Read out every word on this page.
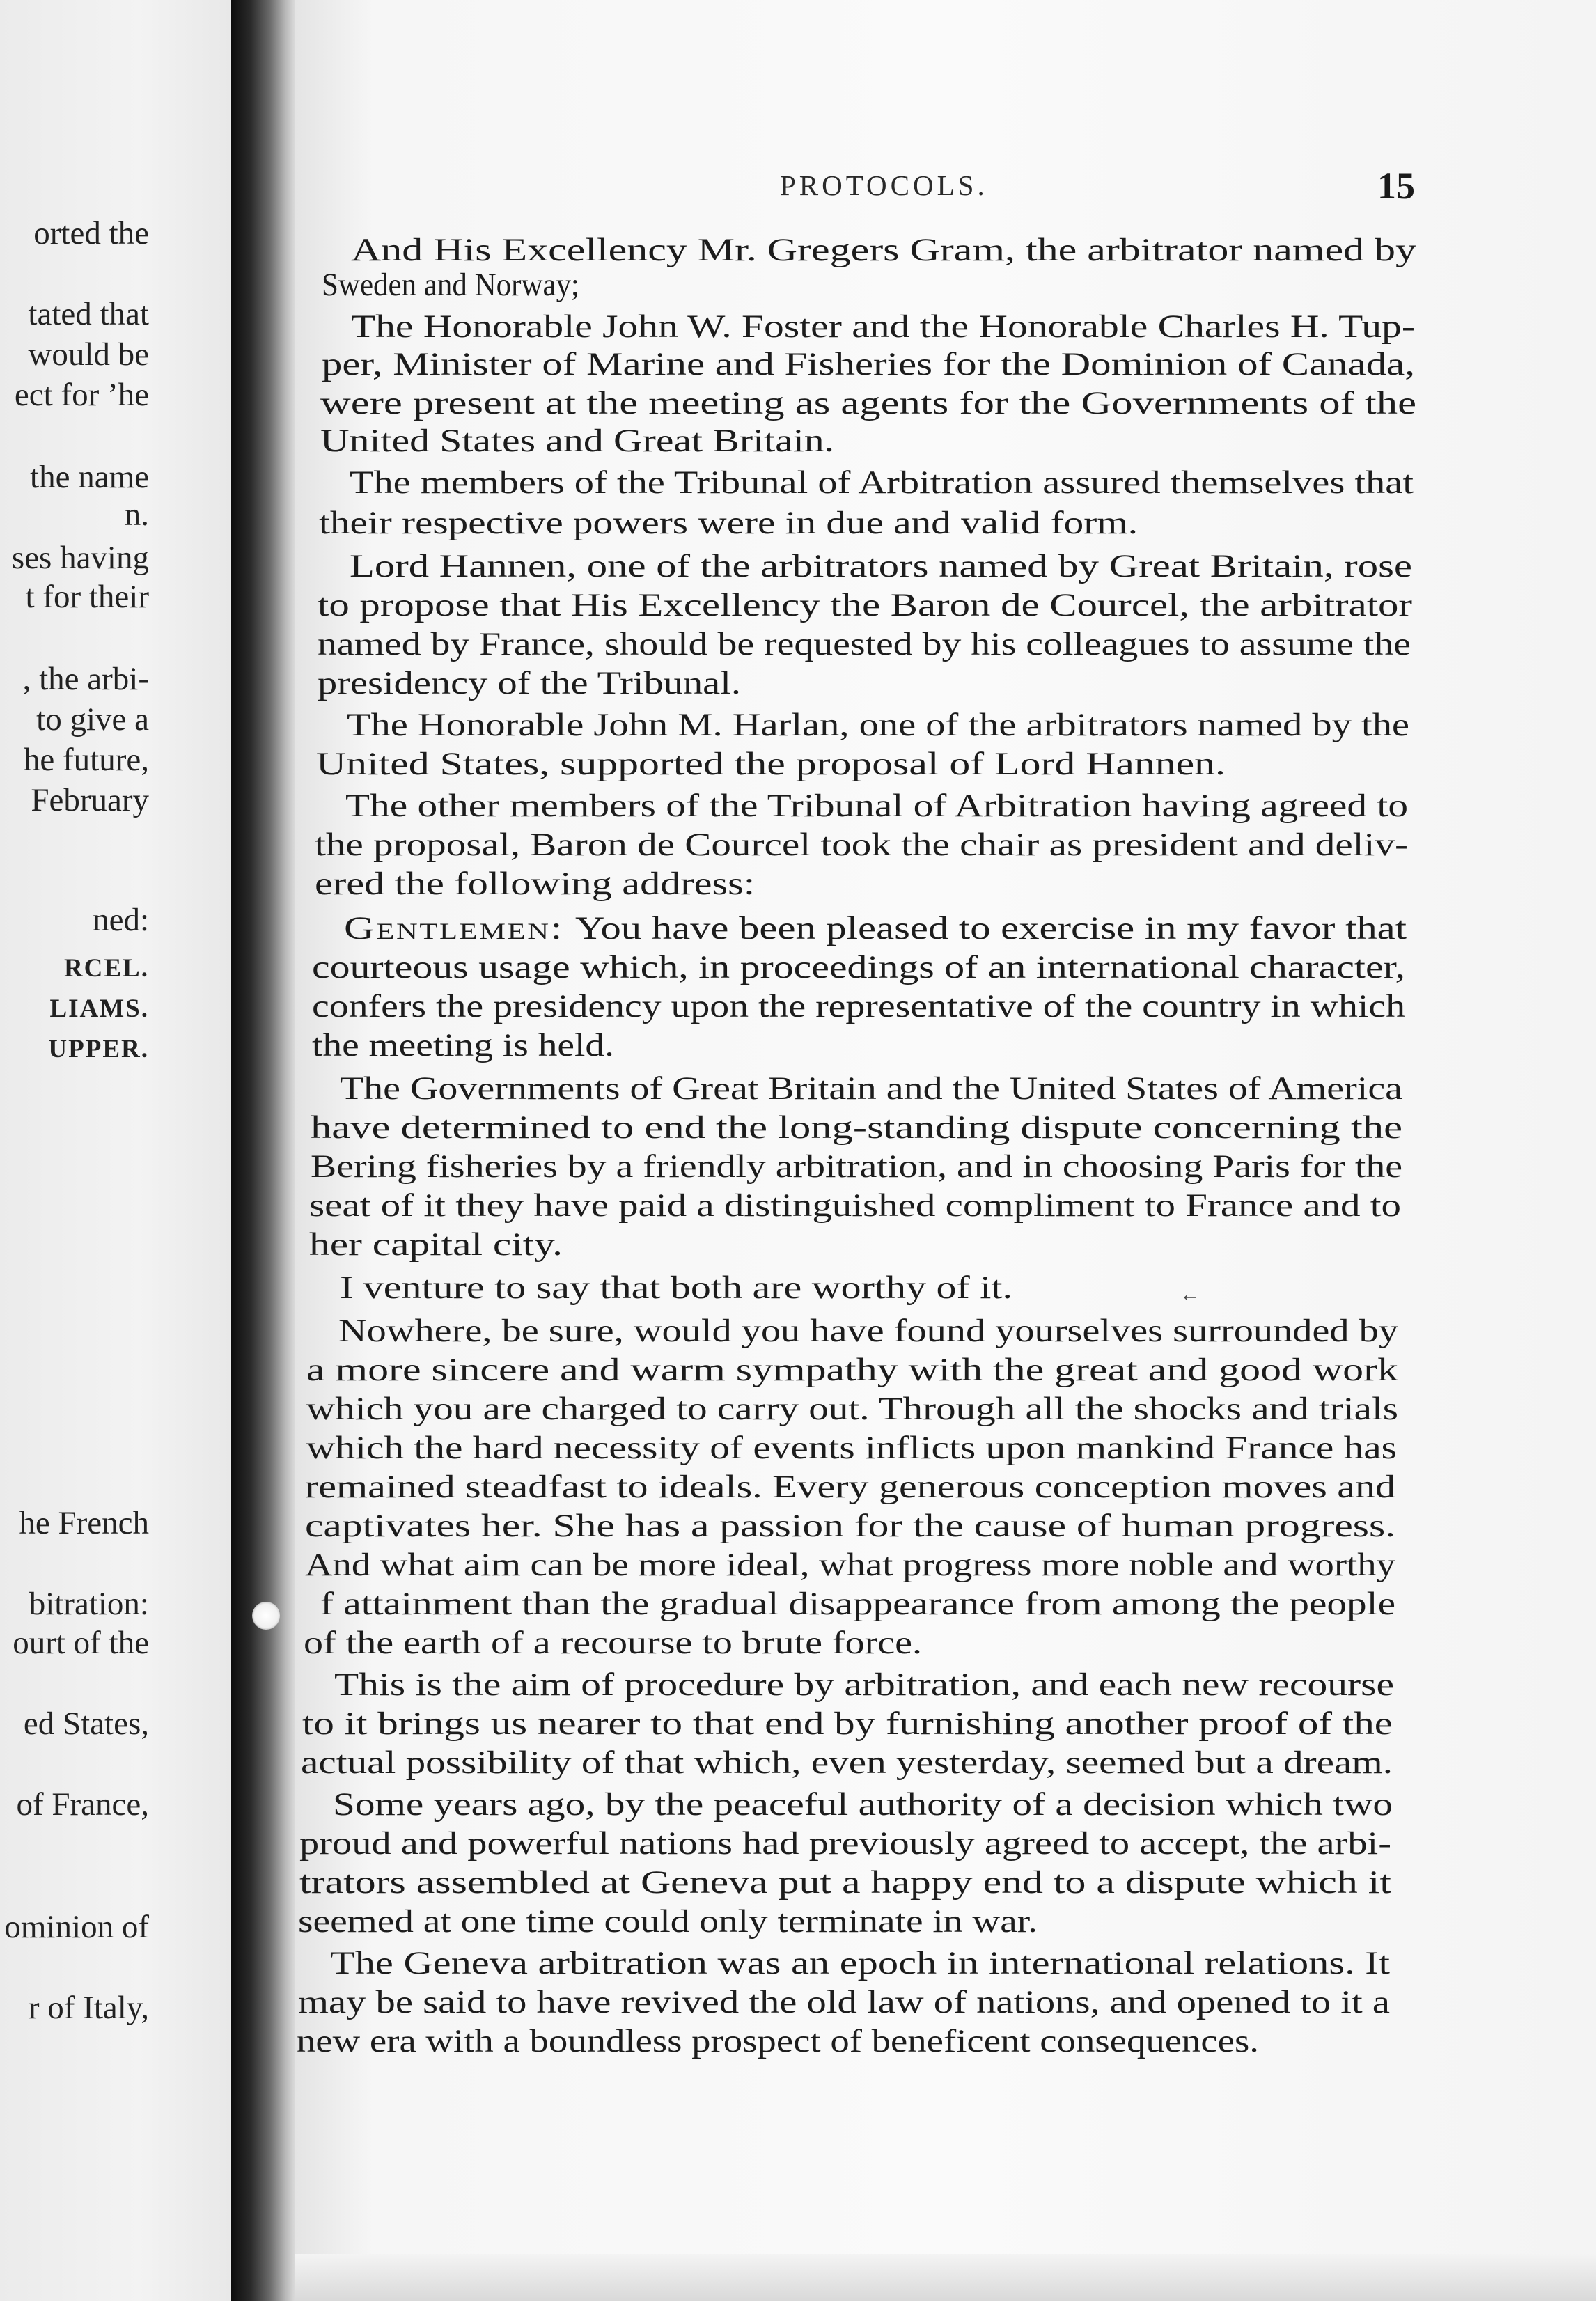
orted the
tated that
would be
ect for ’he
the name
n.
ses having
t for their
, the arbi-
to give a
he future,
February
ned:
RCEL.
LIAMS.
UPPER.
he French
bitration:
ourt of the
ed States,
of France,
ominion of
r of Italy,
PROTOCOLS.	15
And His Excellency Mr. Gregers Gram, the arbitrator named by
Sweden and Norway;
The Honorable John W. Foster and the Honorable Charles H. Tup-
per, Minister of Marine and Fisheries for the Dominion of Canada,
were present at the meeting as agents for the Governments of the
United States and Great Britain.
The members of the Tribunal of Arbitration assured themselves that
their respective powers were in due and valid form.
Lord Hannen, one of the arbitrators named by Great Britain, rose
to propose that His Excellency the Baron de Courcel, the arbitrator
named by France, should be requested by his colleagues to assume the
presidency of the Tribunal.
The Honorable John M. Harlan, one of the arbitrators named by the
United States, supported the proposal of Lord Hannen.
The other members of the Tribunal of Arbitration having agreed to
the proposal, Baron de Courcel took the chair as president and deliv-
ered the following address:
Gentlemen: You have been pleased to exercise in my favor that
courteous usage which, in proceedings of an international character,
confers the presidency upon the representative of the country in which
the meeting is held.
The Governments of Great Britain and the United States of America
have determined to end the long-standing dispute concerning the
Bering fisheries by a friendly arbitration, and in choosing Paris for the
seat of it they have paid a distinguished compliment to France and to
her capital city.
I venture to say that both are worthy of it.
Nowhere, be sure, would you have found yourselves surrounded by
a more sincere and warm sympathy with the great and good work
which you are charged to carry out. Through all the shocks and trials
which the hard necessity of events inflicts upon mankind France has
remained steadfast to ideals. Every generous conception moves and
captivates her. She has a passion for the cause of human progress.
And what aim can be more ideal, what progress more noble and worthy
f attainment than the gradual disappearance from among the people
of the earth of a recourse to brute force.
This is the aim of procedure by arbitration, and each new recourse
to it brings us nearer to that end by furnishing another proof of the
actual possibility of that which, even yesterday, seemed but a dream.
Some years ago, by the peaceful authority of a decision which two
proud and powerful nations had previously agreed to accept, the arbi-
trators assembled at Geneva put a happy end to a dispute which it
seemed at one time could only terminate in war.
The Geneva arbitration was an epoch in international relations. It
may be said to have revived the old law of nations, and opened to it a
new era with a boundless prospect of beneficent consequences.
←
